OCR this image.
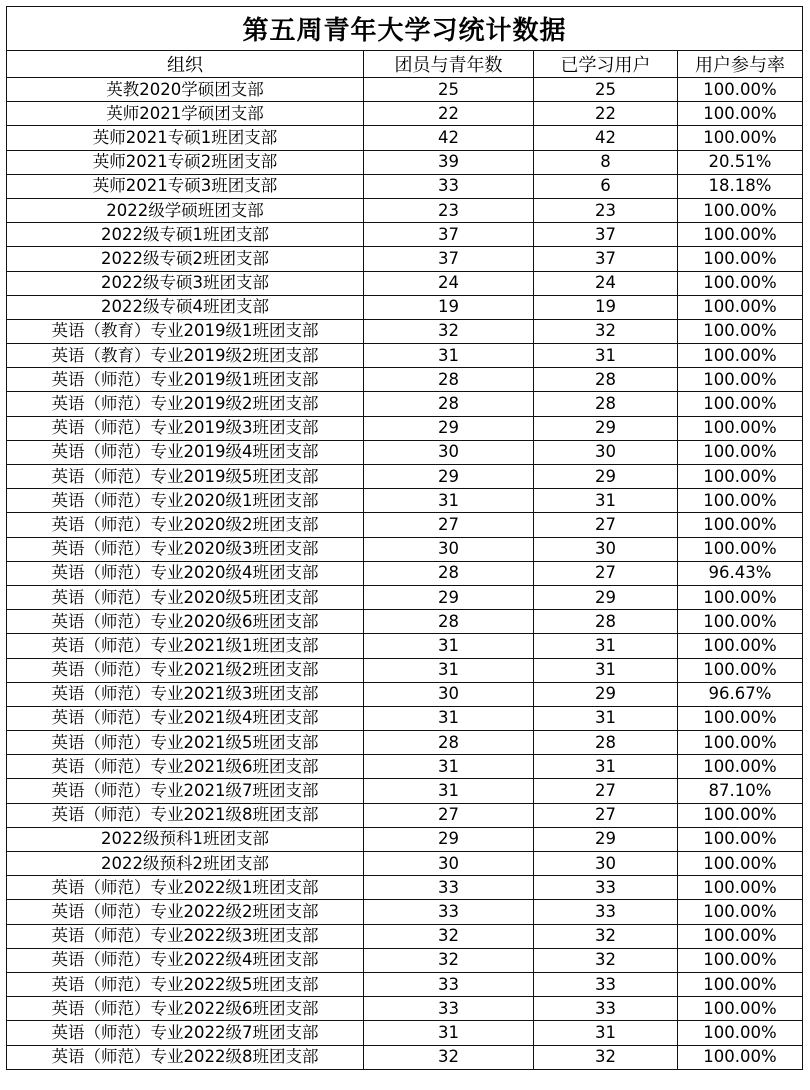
第五周青年大学习统计数据			
组织	团员与青年数	已学习用户	用户参与率
英教2020学硕团支部	25	25	100.00%
英师2021学硕团支部	22	22	100.00%
英师2021专硕1班团支部	42	42	100.00%
英师2021专硕2班团支部	39	8	20.51%
英师2021专硕3班团支部	33	6	18.18%
2022级学硕班团支部	23	23	100.00%
2022级专硕1班团支部	37	37	100.00%
2022级专硕2班团支部	37	37	100.00%
2022级专硕3班团支部	24	24	100.00%
2022级专硕4班团支部	19	19	100.00%
英语（教育）专业2019级1班团支部	32	32	100.00%
英语（教育）专业2019级2班团支部	31	31	100.00%
英语（师范）专业2019级1班团支部	28	28	100.00%
英语（师范）专业2019级2班团支部	28	28	100.00%
英语（师范）专业2019级3班团支部	29	29	100.00%
英语（师范）专业2019级4班团支部	30	30	100.00%
英语（师范）专业2019级5班团支部	29	29	100.00%
英语（师范）专业2020级1班团支部	31	31	100.00%
英语（师范）专业2020级2班团支部	27	27	100.00%
英语（师范）专业2020级3班团支部	30	30	100.00%
英语（师范）专业2020级4班团支部	28	27	96.43%
英语（师范）专业2020级5班团支部	29	29	100.00%
英语（师范）专业2020级6班团支部	28	28	100.00%
英语（师范）专业2021级1班团支部	31	31	100.00%
英语（师范）专业2021级2班团支部	31	31	100.00%
英语（师范）专业2021级3班团支部	30	29	96.67%
英语（师范）专业2021级4班团支部	31	31	100.00%
英语（师范）专业2021级5班团支部	28	28	100.00%
英语（师范）专业2021级6班团支部	31	31	100.00%
英语（师范）专业2021级7班团支部	31	27	87.10%
英语（师范）专业2021级8班团支部	27	27	100.00%
2022级预科1班团支部	29	29	100.00%
2022级预科2班团支部	30	30	100.00%
英语（师范）专业2022级1班团支部	33	33	100.00%
英语（师范）专业2022级2班团支部	33	33	100.00%
英语（师范）专业2022级3班团支部	32	32	100.00%
英语（师范）专业2022级4班团支部	32	32	100.00%
英语（师范）专业2022级5班团支部	33	33	100.00%
英语（师范）专业2022级6班团支部	33	33	100.00%
英语（师范）专业2022级7班团支部	31	31	100.00%
英语（师范）专业2022级8班团支部	32	32	100.00%
